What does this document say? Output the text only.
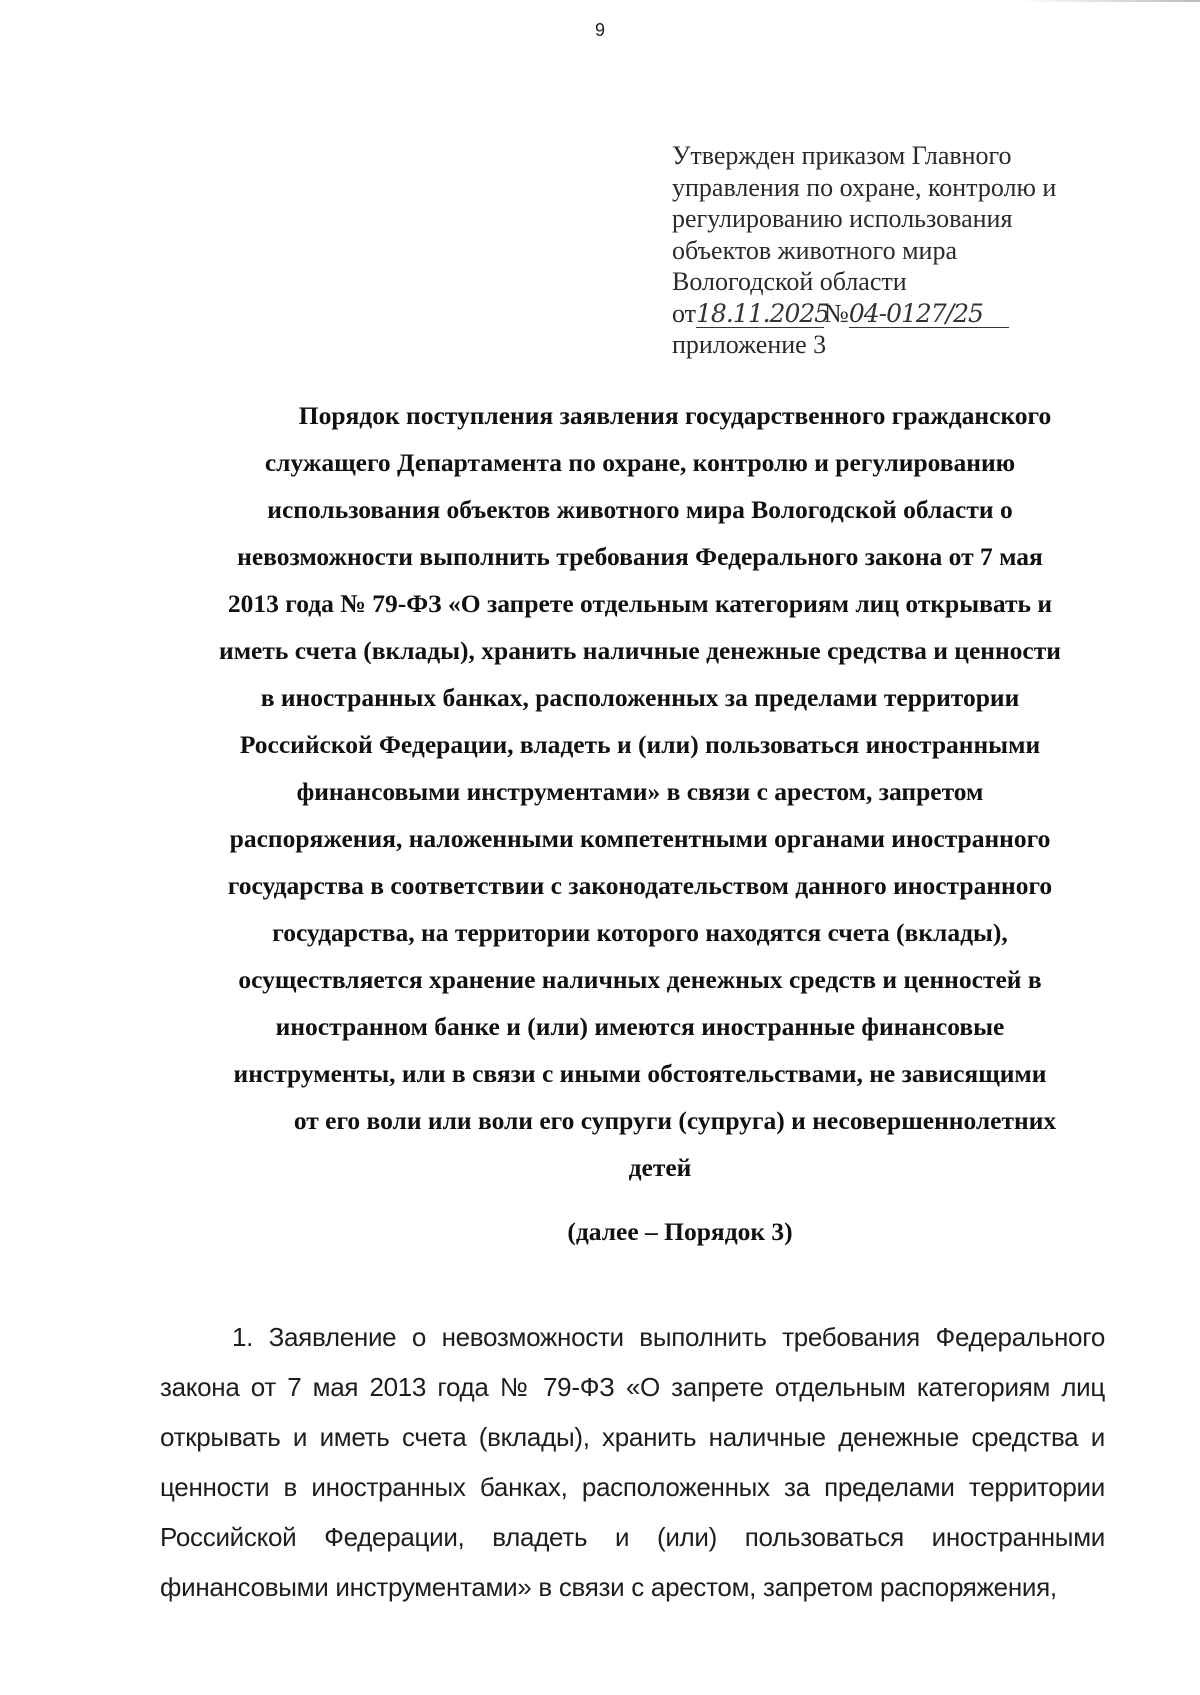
9
Утвержден приказом Главного
управления по охране, контролю и
регулированию использования
объектов животного мира
Вологодской области
от18.11.2025№04-0127/25
приложение 3
Порядок поступления заявления государственного гражданского
служащего Департамента по охране, контролю и регулированию
использования объектов животного мира Вологодской области о
невозможности выполнить требования Федерального закона от 7 мая
2013 года № 79-ФЗ «О запрете отдельным категориям лиц открывать и
иметь счета (вклады), хранить наличные денежные средства и ценности
в иностранных банках, расположенных за пределами территории
Российской Федерации, владеть и (или) пользоваться иностранными
финансовыми инструментами» в связи с арестом, запретом
распоряжения, наложенными компетентными органами иностранного
государства в соответствии с законодательством данного иностранного
государства, на территории которого находятся счета (вклады),
осуществляется хранение наличных денежных средств и ценностей в
иностранном банке и (или) имеются иностранные финансовые
инструменты, или в связи с иными обстоятельствами, не зависящими
от его воли или воли его супруги (супруга) и несовершеннолетних
детей
(далее – Порядок 3)

1. Заявление о невозможности выполнить требования Федерального закона от 7 мая 2013 года № 79-ФЗ «О запрете отдельным категориям лиц открывать и иметь счета (вклады), хранить наличные денежные средства и ценности в иностранных банках, расположенных за пределами территории Российской Федерации, владеть и (или) пользоваться иностранными финансовыми инструментами» в связи с арестом, запретом распоряжения,
